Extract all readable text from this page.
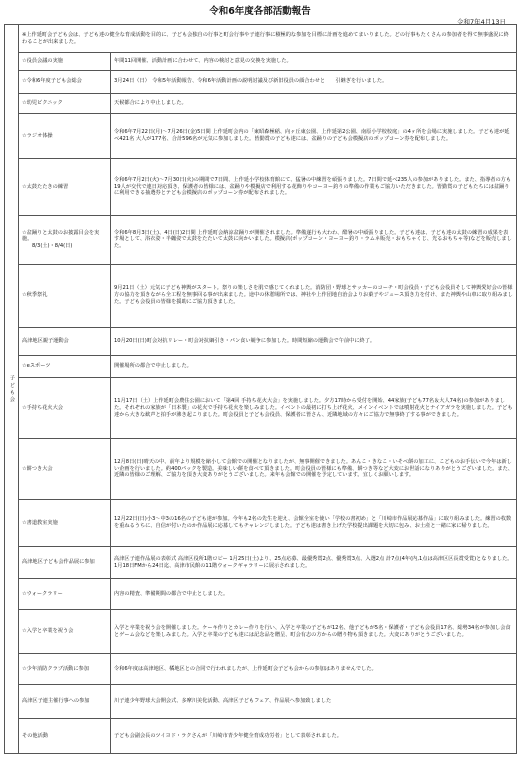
令和6年度各部活動報告
令和7年4月13日
子ども会	※上作延町会子ども会は、子ども達の健全な育成活動を目的に、子ども会独自の行事と町会行事や子連行事に積極的な参加を目標に計画を進めてまいりました。どの行事もたくさんの参加者を得て無事盛況に終わることが出来ました。	
	☆役員会議の実施	年間11回開催、活動計画に合わせて、内容の検討と意見の交換を実施した。
	☆令和6年度子ども会総会	3月24日（日）　令和5年活動報告、令和6年活動計画の説明討議及び新旧役員の顔合わせと　　引継ぎを行いました。
	☆幼児ピクニック	天候都合により中止しました。
	☆ラジオ体操	令和6年7月22日(月)～7月26日(金)5日間 上作延町会内の「東昭森極稲、向ヶ丘東公園、上作延第2公園、南原小学校校庭」の4ヶ所を会場に実施しました。子ども達が延べ421名 大人が177名、合計596名が元気に参加しました。皆勤賞の子ども達には、盆踊りの子ども会模擬店のポップコーン券を配布しました。
	☆太鼓たたきの練習	令和6年7月2日(火)～7月30日(火)の期間で7日間、上作延小学校体育館にて、猛暑の中練習を頑張りました。7日間で延べ235人の参加がありました。また、指導者の方も19人が交代で連日対応頂き、保護者の皆様には、盆踊りや模擬店で利用する花飾りやコーヨー釣りの準備の作業もご協力いただきました。皆勤賞の子どもたちには盆踊りに利用できる抽選券とテども会模擬店のポップコーン券が配布されました。
	☆盆踊りと太鼓のお披露目会を実施。
8/3(土)・8/4(日)	令和6年8月3日(土)、4日(日)2日間 上作延町会納涼盆踊りが開催されました。準備遂行も大わわ、酷暑の中頑張りました。子ども達は、子ども達の太鼓の練習の成果を表す場として、浴衣姿・半纏姿で太鼓をたたいて太鼓に向かいました。模擬店(ポップコーン・ヨーヨー釣り・ラムネ販売・おもちゃくじ、光るおもちゃ等)などを販売しました。
	☆秋季祭礼	9月21日（土）元気に子ども神輿がスタート。祭りの楽しさを肌で感じてくれました。消防団・野球とサッカーのコーチ・町会役員・子ども会役員そして神輿愛好会の皆様方の協力を頂きながら全工程を無事回る事が出来ました。途中の休憩場所では、神社や上作団地自治会よりお菓子やジュース頂き力を付け、また神輿や山車に取り組みました。子ども会役員の皆様を援助にご協力頂きました。
	高津地区親子運動会	10月20日(日)町会対抗リレー・町会対抗綱引き・パン食い競争に参加した。時間短縮の運動会で午前中に終了。
	☆eスポーツ	開催場所の都合で中止しました。
	☆手持ち花火大会	11月17日（土）上作延町会農住公園において「第4回 手持ち花火大会」を実施しました。夕方17時から受付を開始、44家族(子ども77名＆大人74名)の参加がありました。それぞれの家族が「日本製」の花火で手持ち花火を楽しみました。イベントの最初に打ち上げ花火、メインイベントでは噴射花火とナイアガラを実施しました。子ども達から大きな歓声と拍手が沸き起こりました。町会役員と子ども会役員、保護者に皆さん、近隣地域の方々にご協力で無事終了する事ができました。
	☆餅つき大会	12月8日(日)晴天の中、前年より規模を縮小して会館での開催となりましたが、無事開催できました。あんこ・きなこ・いそべ餅の加工に、こどものお手伝いで今年は新しい企画を行いました。約400パックを製造。美味しい餅を食べて頂きました。町会役員の皆様にも準備、餅つき等など大変にお世話になりありがとうございました。また、近隣の皆様のご理解、ご協力を頂き大変ありがとうございました。来年も会館での開催を予定しています。宜しくお願いします。
	☆書道教室実施	12月22日(日)小3～中3の16名の子ども達が参加。今年も2名の先生を迎え、会館全室を使い「学校の書初め」と「川崎市作品展応募作品」に取り組みました。練習の枚数を重ねるうちに、自信が付いたのか作品展に応募してもチャレンジしました。子ども達は書き上げた学校提出課題を大切に包み、お土産と一緒に家に帰りました。
	高津地区子ども会作品展に参加	高津区子連作品展の表彰式 高津区役所1階ロビー 1月25日(土)より、25点応募、最優秀賞2点、優秀賞3点、入選2点 計7点(4年(内,1点は高津区区長賞受賞)となりました。1月18日FMから24日迄、高津市民館の11階ウォークギャラリーに展示されました。
	☆ウォークラリー	内容の精査、準備期間の都合で中止としました。
	☆入学と卒業を祝う会	入学と卒業を祝う会を開催しました。ケーキ作りとカレー作りを行い、入学と卒業の子どもが12名、他子どもが5名・保護者・子ども会役員17名、総勢34名が参加し会食とゲーム会などを楽しみました。入学と卒業の子ども達には記念品を贈呈、町会有志の方からの贈り物も頂きました。大変にありがとうございました。
	☆少年消防クラブ活動に参加	令和6年度は高津地区、橘地区との合同で行われましたが、上作延町会子ども会からの参加はありませんでした。
	高津区子連主催行事への参加	川子連少年野球大会開会式、多摩川美化活動、高津区子どもフェア、作品展へ参加致しました
	その他活動	子ども会副会長のツイヨド・ラクさんが「川崎市青少年健全育成功労者」として表彰されました。
